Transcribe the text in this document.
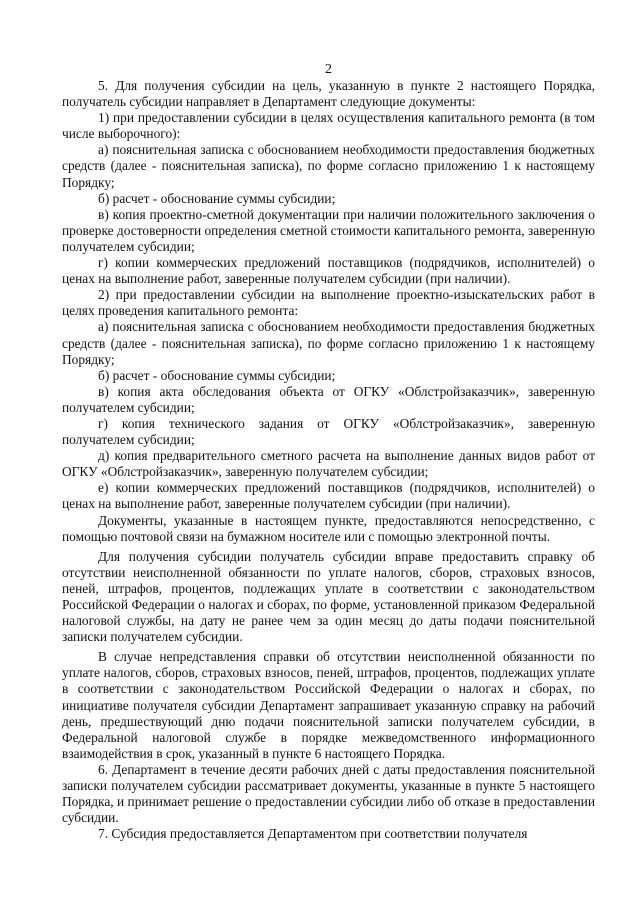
2

5. Для получения субсидии на цель, указанную в пункте 2 настоящего Порядка, получатель субсидии направляет в Департамент следующие документы:

1) при предоставлении субсидии в целях осуществления капитального ремонта (в том числе выборочного):

а) пояснительная записка с обоснованием необходимости предоставления бюджетных средств (далее - пояснительная записка), по форме согласно приложению 1 к настоящему Порядку;

б) расчет - обоснование суммы субсидии;

в) копия проектно-сметной документации при наличии положительного заключения о проверке достоверности определения сметной стоимости капитального ремонта, заверенную получателем субсидии;

г) копии коммерческих предложений поставщиков (подрядчиков, исполнителей) о ценах на выполнение работ, заверенные получателем субсидии (при наличии).

2) при предоставлении субсидии на выполнение проектно-изыскательских работ в целях проведения капитального ремонта:

а) пояснительная записка с обоснованием необходимости предоставления бюджетных средств (далее - пояснительная записка), по форме согласно приложению 1 к настоящему Порядку;

б) расчет - обоснование суммы субсидии;

в) копия акта обследования объекта от ОГКУ «Облстройзаказчик», заверенную получателем субсидии;

г) копия технического задания от ОГКУ «Облстройзаказчик», заверенную получателем субсидии;

д) копия предварительного сметного расчета на выполнение данных видов работ от ОГКУ «Облстройзаказчик», заверенную получателем субсидии;

е) копии коммерческих предложений поставщиков (подрядчиков, исполнителей) о ценах на выполнение работ, заверенные получателем субсидии (при наличии).

Документы, указанные в настоящем пункте, предоставляются непосредственно, с помощью почтовой связи на бумажном носителе или с помощью электронной почты.

Для получения субсидии получатель субсидии вправе предоставить справку об отсутствии неисполненной обязанности по уплате налогов, сборов, страховых взносов, пеней, штрафов, процентов, подлежащих уплате в соответствии с законодательством Российской Федерации о налогах и сборах, по форме, установленной приказом Федеральной налоговой службы, на дату не ранее чем за один месяц до даты подачи пояснительной записки получателем субсидии.

В случае непредставления справки об отсутствии неисполненной обязанности по уплате налогов, сборов, страховых взносов, пеней, штрафов, процентов, подлежащих уплате в соответствии с законодательством Российской Федерации о налогах и сборах, по инициативе получателя субсидии Департамент запрашивает указанную справку на рабочий день, предшествующий дню подачи пояснительной записки получателем субсидии, в Федеральной налоговой службе в порядке межведомственного информационного взаимодействия в срок, указанный в пункте 6 настоящего Порядка.

6. Департамент в течение десяти рабочих дней с даты предоставления пояснительной записки получателем субсидии рассматривает документы, указанные в пункте 5 настоящего Порядка, и принимает решение о предоставлении субсидии либо об отказе в предоставлении субсидии.

7. Субсидия предоставляется Департаментом при соответствии получателя
